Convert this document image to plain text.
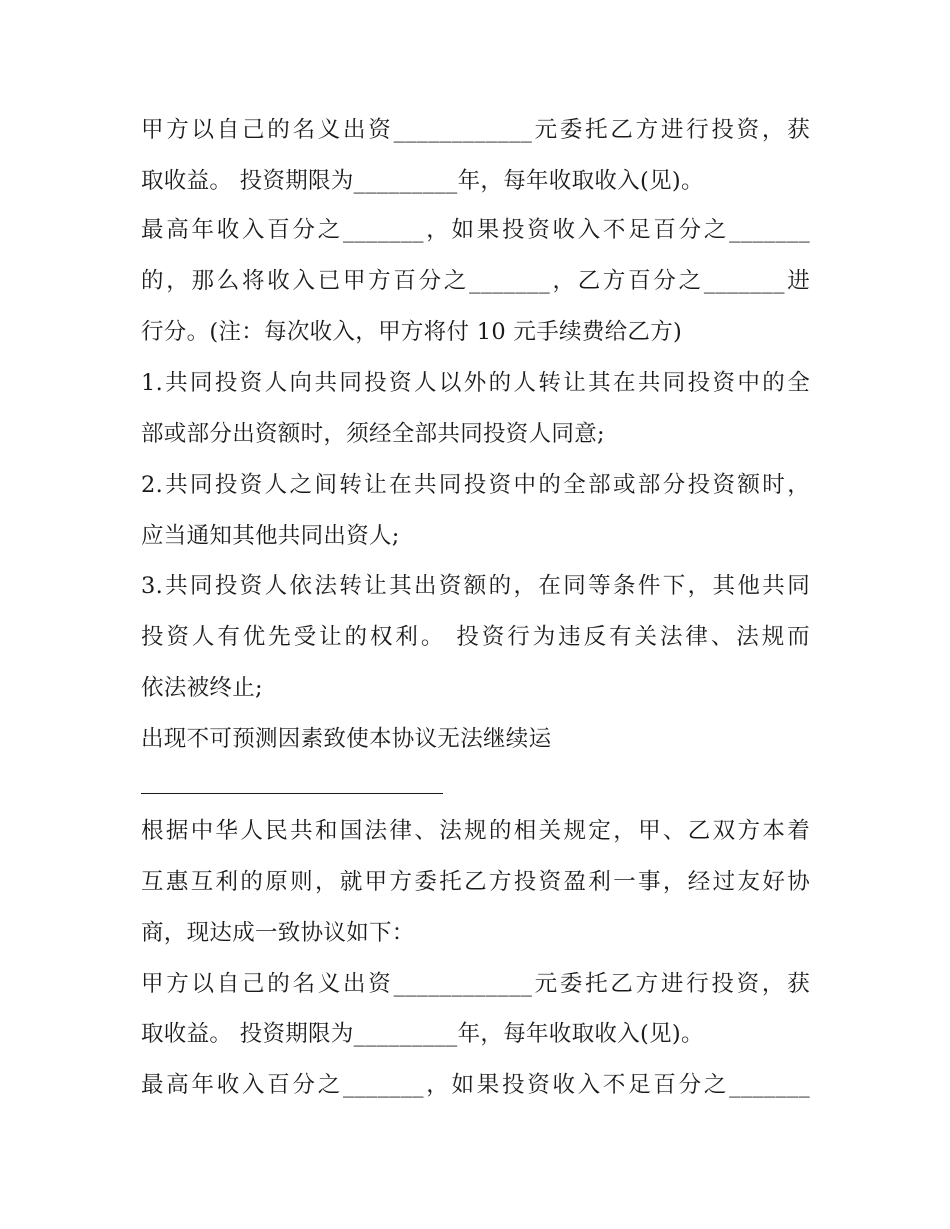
甲方以自己的名义出资____________元委托乙方进行投资，获
取收益。 投资期限为_________年，每年收取收入(见)。
最高年收入百分之_______，如果投资收入不足百分之_______
的，那么将收入已甲方百分之_______，乙方百分之_______进
行分。(注：每次收入，甲方将付 10 元手续费给乙方)
1.共同投资人向共同投资人以外的人转让其在共同投资中的全
部或部分出资额时，须经全部共同投资人同意;
2.共同投资人之间转让在共同投资中的全部或部分投资额时，
应当通知其他共同出资人;
3.共同投资人依法转让其出资额的，在同等条件下，其他共同
投资人有优先受让的权利。 投资行为违反有关法律、法规而
依法被终止;
出现不可预测因素致使本协议无法继续运
根据中华人民共和国法律、法规的相关规定，甲、乙双方本着
互惠互利的原则，就甲方委托乙方投资盈利一事，经过友好协
商，现达成一致协议如下：
甲方以自己的名义出资____________元委托乙方进行投资，获
取收益。 投资期限为_________年，每年收取收入(见)。
最高年收入百分之_______，如果投资收入不足百分之_______
